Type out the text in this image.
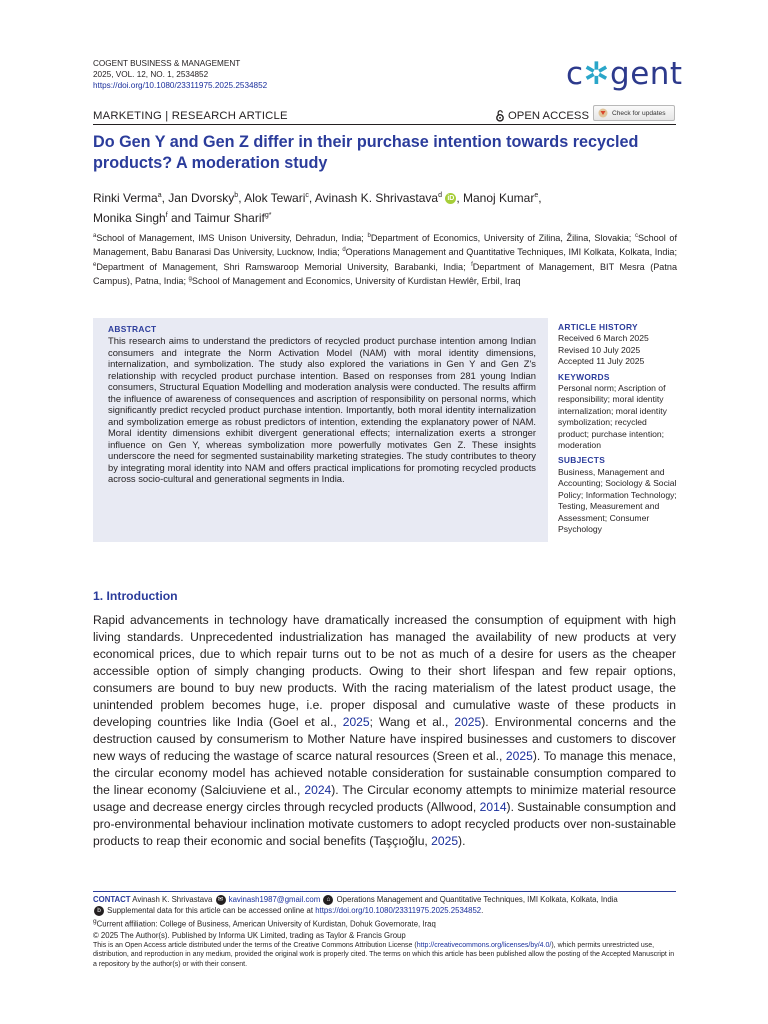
COGENT BUSINESS & MANAGEMENT
2025, VOL. 12, NO. 1, 2534852
https://doi.org/10.1080/23311975.2025.2534852	c✲gent
MARKETING | RESEARCH ARTICLE	OPEN ACCESS	Check for updates
Do Gen Y and Gen Z differ in their purchase intention towards recycled products? A moderation study
Rinki Verma$^a$, Jan Dvorsky$^b$, Alok Tewari$^c$, Avinash K. Shrivastava$^d$ iD , Manoj Kumar$^e$,
Monika Singh$^f$ and Taimur Sharif$^{g*}$
$^a$School of Management, IMS Unison University, Dehradun, India; $^b$Department of Economics, University of Zilina, Žilina, Slovakia; $^c$School of Management, Babu Banarasi Das University, Lucknow, India; $^d$Operations Management and Quantitative Techniques, IMI Kolkata, Kolkata, India; $^e$Department of Management, Shri Ramswaroop Memorial University, Barabanki, India; $^f$Department of Management, BIT Mesra (Patna Campus), Patna, India; $^g$School of Management and Economics, University of Kurdistan Hewlêr, Erbil, Iraq
ABSTRACT
This research aims to understand the predictors of recycled product purchase intention among Indian consumers and integrate the Norm Activation Model (NAM) with moral identity dimensions, internalization, and symbolization. The study also explored the variations in Gen Y and Gen Z's relationship with recycled product purchase intention. Based on responses from 281 young Indian consumers, Structural Equation Modelling and moderation analysis were conducted. The results affirm the influence of awareness of consequences and ascription of responsibility on personal norms, which significantly predict recycled product purchase intention. Importantly, both moral identity internalization and symbolization emerge as robust predictors of intention, extending the explanatory power of NAM. Moral identity dimensions exhibit divergent generational effects; internalization exerts a stronger influence on Gen Y, whereas symbolization more powerfully motivates Gen Z. These insights underscore the need for segmented sustainability marketing strategies. The study contributes to theory by integrating moral identity into NAM and offers practical implications for promoting recycled products across socio-cultural and generational segments in India.
ARTICLE HISTORY
Received 6 March 2025
Revised 10 July 2025
Accepted 11 July 2025
KEYWORDS
Personal norm; Ascription of responsibility; moral identity internalization; moral identity symbolization; recycled product; purchase intention; moderation
SUBJECTS
Business, Management and Accounting; Sociology & Social Policy; Information Technology; Testing, Measurement and Assessment; Consumer Psychology
1. Introduction
Rapid advancements in technology have dramatically increased the consumption of equipment with high living standards. Unprecedented industrialization has managed the availability of new products at very economical prices, due to which repair turns out to be not as much of a desire for users as the cheaper accessible option of simply changing products. Owing to their short lifespan and few repair options, consumers are bound to buy new products. With the racing materialism of the latest product usage, the unintended problem becomes huge, i.e. proper disposal and cumulative waste of these products in developing countries like India (Goel et al., 2025; Wang et al., 2025). Environmental concerns and the destruction caused by consumerism to Mother Nature have inspired businesses and customers to discover new ways of reducing the wastage of scarce natural resources (Sreen et al., 2025). To manage this menace, the circular economy model has achieved notable consideration for sustainable consumption compared to the linear economy (Salciuviene et al., 2024). The Circular economy attempts to minimize material resource usage and decrease energy circles through recycled products (Allwood, 2014). Sustainable consumption and pro-environmental behaviour inclination motivate customers to adopt recycled products over non-sustainable products to reap their economic and social benefits (Taşçıoğlu, 2025).
CONTACT Avinash K. Shrivastava ✉ kavinash1987@gmail.com ⌂ Operations Management and Quantitative Techniques, IMI Kolkata, Kolkata, India
b Supplemental data for this article can be accessed online at https://doi.org/10.1080/23311975.2025.2534852.
$^g$Current affiliation: College of Business, American University of Kurdistan, Dohuk Governorate, Iraq
© 2025 The Author(s). Published by Informa UK Limited, trading as Taylor & Francis Group
This is an Open Access article distributed under the terms of the Creative Commons Attribution License (http://creativecommons.org/licenses/by/4.0/), which permits unrestricted use, distribution, and reproduction in any medium, provided the original work is properly cited. The terms on which this article has been published allow the posting of the Accepted Manuscript in a repository by the author(s) or with their consent.
